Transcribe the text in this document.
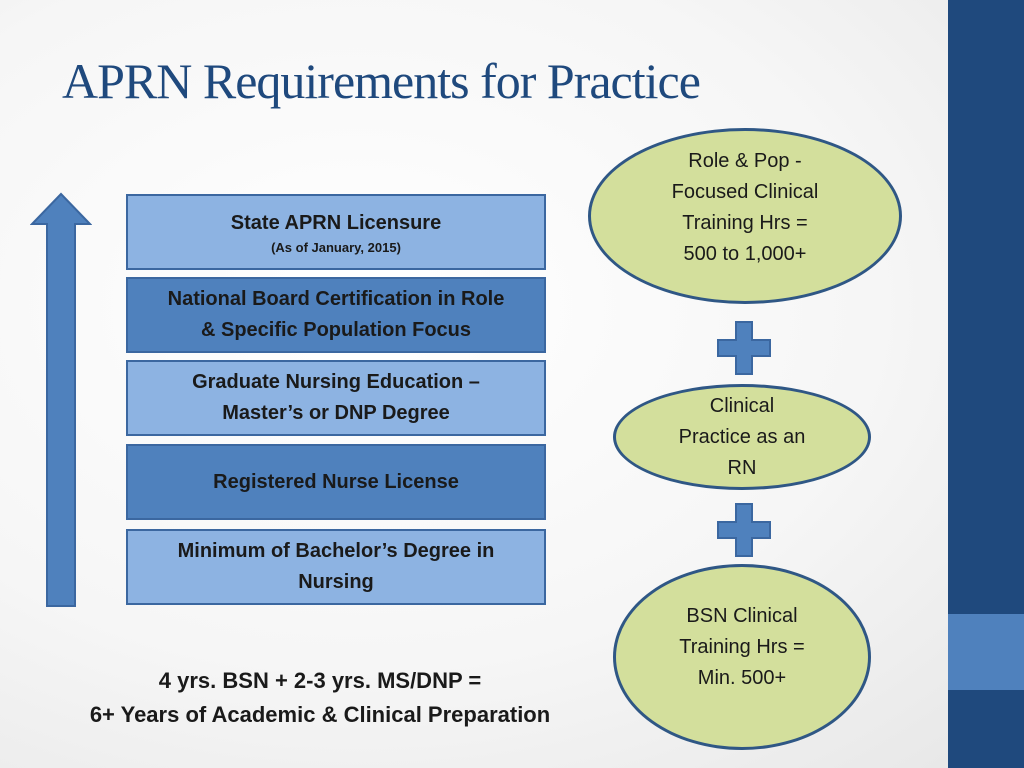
APRN Requirements for Practice
State APRN Licensure
(As of January, 2015)
National Board Certification in Role
& Specific Population Focus
Graduate Nursing Education –
Master’s or DNP Degree
Registered Nurse License
Minimum of Bachelor’s Degree in
Nursing
4 yrs. BSN + 2-3 yrs. MS/DNP =
6+ Years of Academic & Clinical Preparation
Role & Pop -
Focused Clinical
Training Hrs =
500 to 1,000+
Clinical
Practice as an
RN
BSN Clinical
Training Hrs =
Min. 500+
